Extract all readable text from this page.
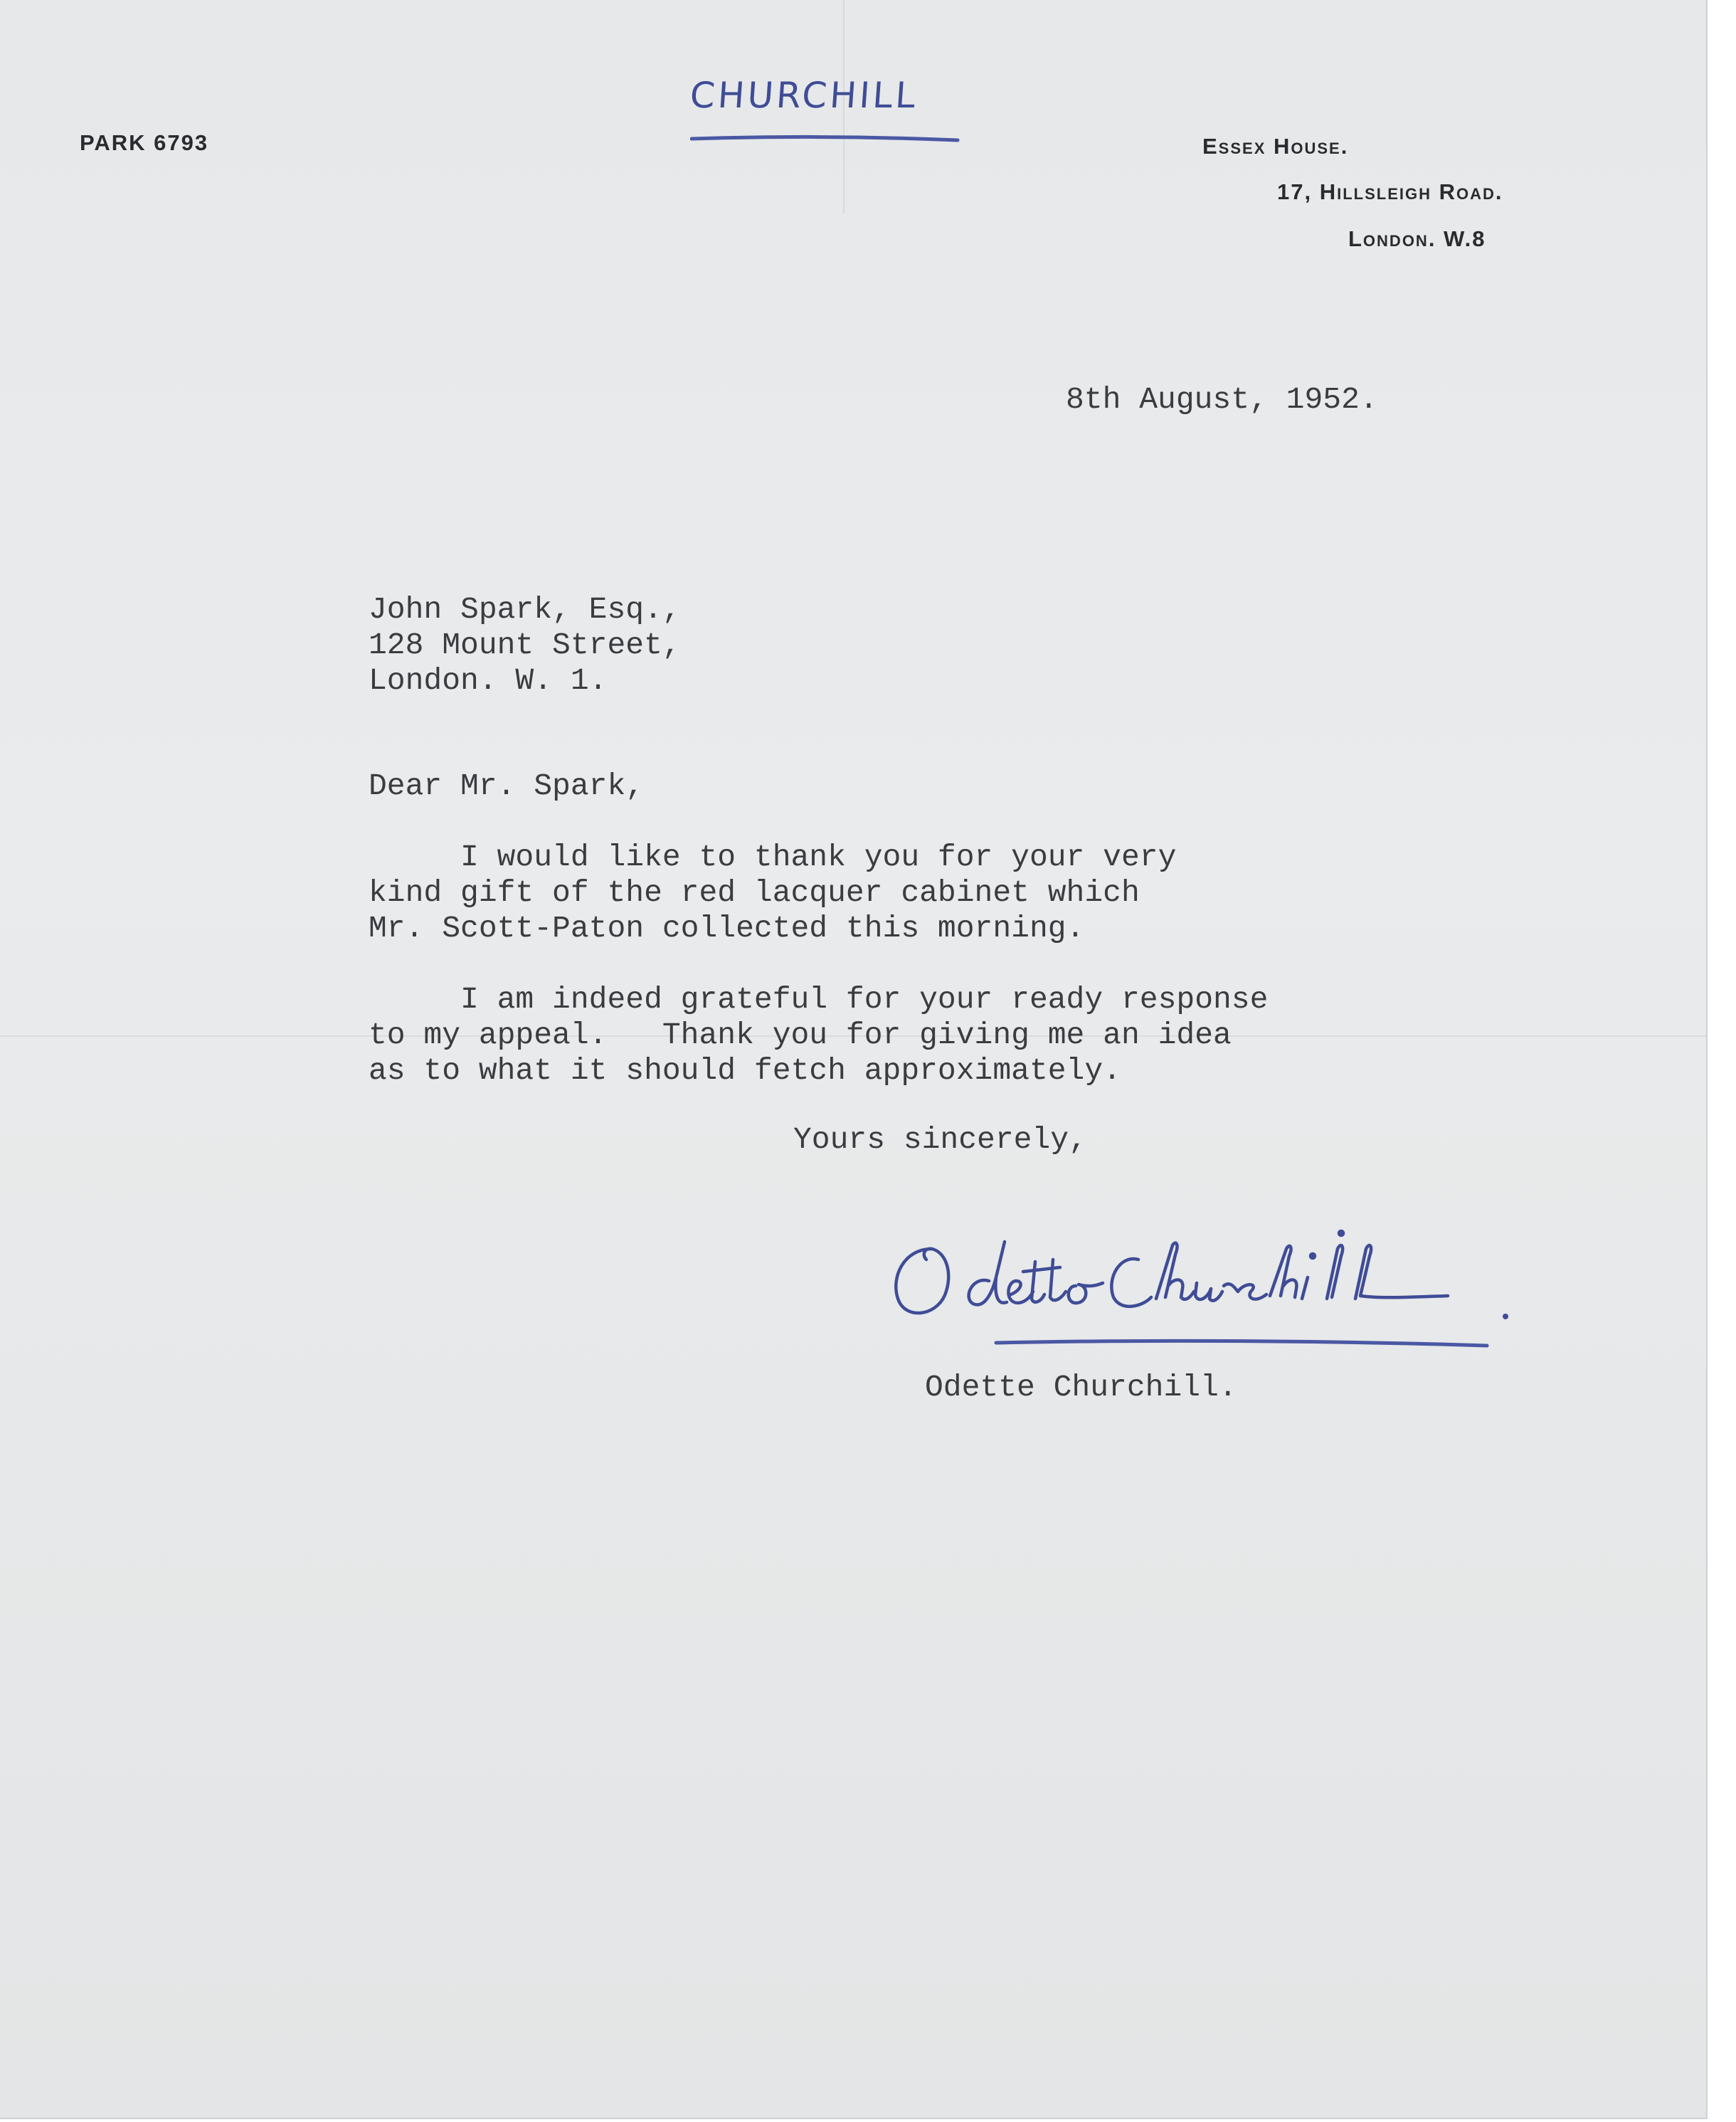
PARK 6793	Essex House.
17, Hillsleigh Road.
London. W.8
CHURCHILL
8th August, 1952.
John Spark, Esq.,
128 Mount Street,
London. W. 1.
Dear Mr. Spark,
I would like to thank you for your very
kind gift of the red lacquer cabinet which
Mr. Scott-Paton collected this morning.
I am indeed grateful for your ready response
to my appeal.   Thank you for giving me an idea
as to what it should fetch approximately.
Yours sincerely,
Odette Churchill.
